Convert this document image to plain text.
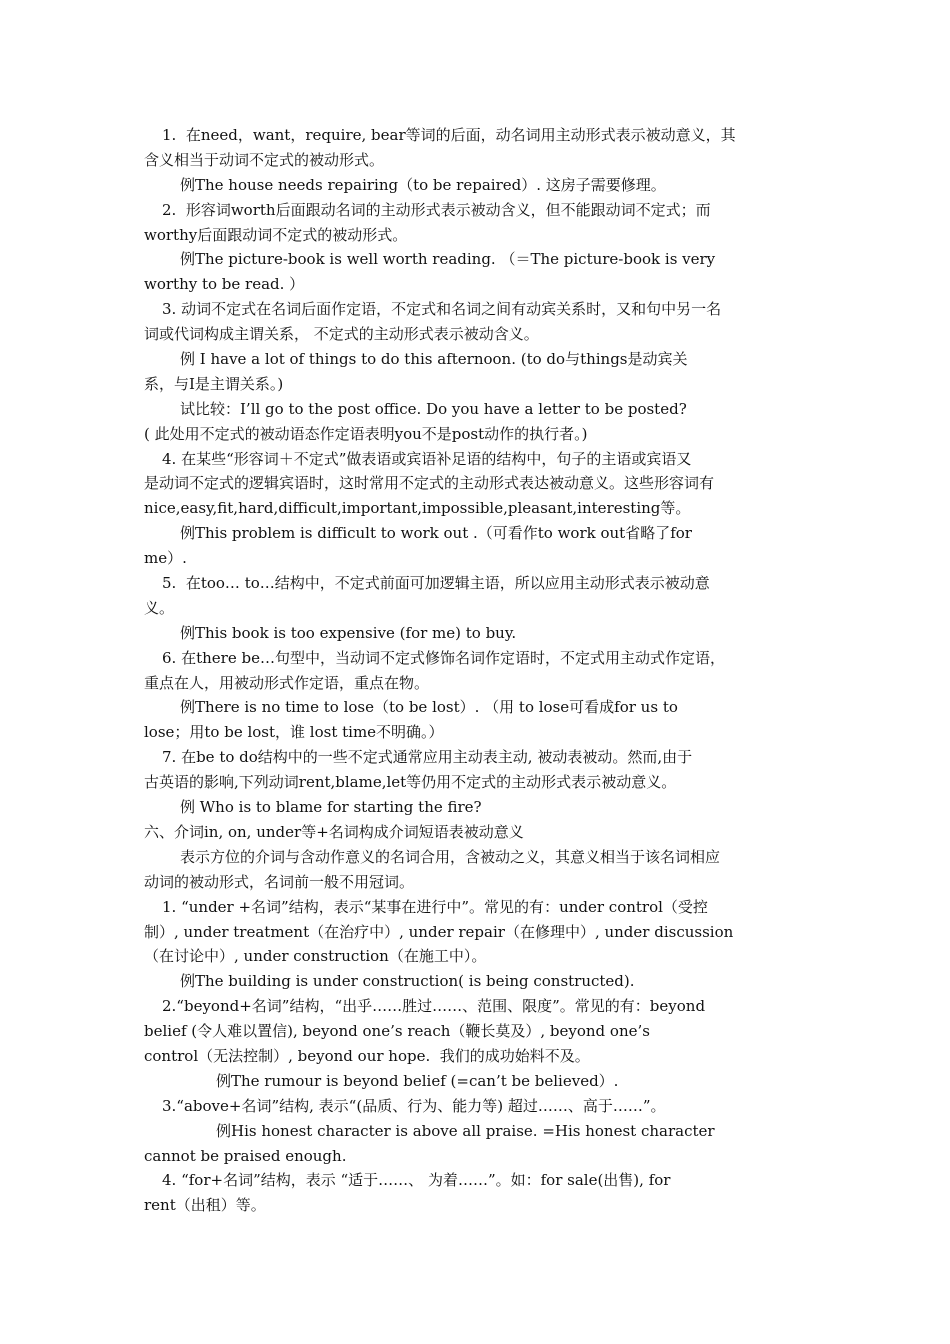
1.  在need，want，require, bear等词的后面，动名词用主动形式表示被动意义，其
含义相当于动词不定式的被动形式。
例The house needs repairing（to be repaired）. 这房子需要修理。
2.  形容词worth后面跟动名词的主动形式表示被动含义，但不能跟动词不定式；而
worthy后面跟动词不定式的被动形式。
例The picture-book is well worth reading. （＝The picture-book is very
worthy to be read. ）
3. 动词不定式在名词后面作定语，不定式和名词之间有动宾关系时，又和句中另一名
词或代词构成主谓关系， 不定式的主动形式表示被动含义。
例 I have a lot of things to do this afternoon. (to do与things是动宾关
系，与I是主谓关系。)
试比较：I’ll go to the post office. Do you have a letter to be posted?
( 此处用不定式的被动语态作定语表明you不是post动作的执行者。)
4. 在某些“形容词＋不定式”做表语或宾语补足语的结构中，句子的主语或宾语又
是动词不定式的逻辑宾语时，这时常用不定式的主动形式表达被动意义。这些形容词有
nice,easy,fit,hard,difficult,important,impossible,pleasant,interesting等。
例This problem is difficult to work out .（可看作to work out省略了for
me）.
5.  在too… to…结构中，不定式前面可加逻辑主语，所以应用主动形式表示被动意
义。
例This book is too expensive (for me) to buy.
6. 在there be…句型中，当动词不定式修饰名词作定语时，不定式用主动式作定语，
重点在人，用被动形式作定语，重点在物。
例There is no time to lose（to be lost）. （用 to lose可看成for us to
lose；用to be lost，谁 lost time不明确。）
7. 在be to do结构中的一些不定式通常应用主动表主动, 被动表被动。然而,由于
古英语的影响,下列动词rent,blame,let等仍用不定式的主动形式表示被动意义。
例 Who is to blame for starting the fire?
六、介词in, on, under等+名词构成介词短语表被动意义
表示方位的介词与含动作意义的名词合用，含被动之义，其意义相当于该名词相应
动词的被动形式，名词前一般不用冠词。
1. “under +名词”结构，表示“某事在进行中”。常见的有：under control（受控
制）, under treatment（在治疗中）, under repair（在修理中）, under discussion
（在讨论中）, under construction（在施工中）。
例The building is under construction( is being constructed).
2.“beyond+名词”结构，“出乎……胜过……、范围、限度”。常见的有：beyond
belief (令人难以置信), beyond one’s reach（鞭长莫及）, beyond one’s
control（无法控制）, beyond our hope.  我们的成功始料不及。
例The rumour is beyond belief (=can’t be believed）.
3.“above+名词”结构, 表示“(品质、行为、能力等) 超过……、高于……”。
例His honest character is above all praise. =His honest character
cannot be praised enough.
4. “for+名词”结构，表示 “适于……、 为着……”。如：for sale(出售), for
rent（出租）等。
